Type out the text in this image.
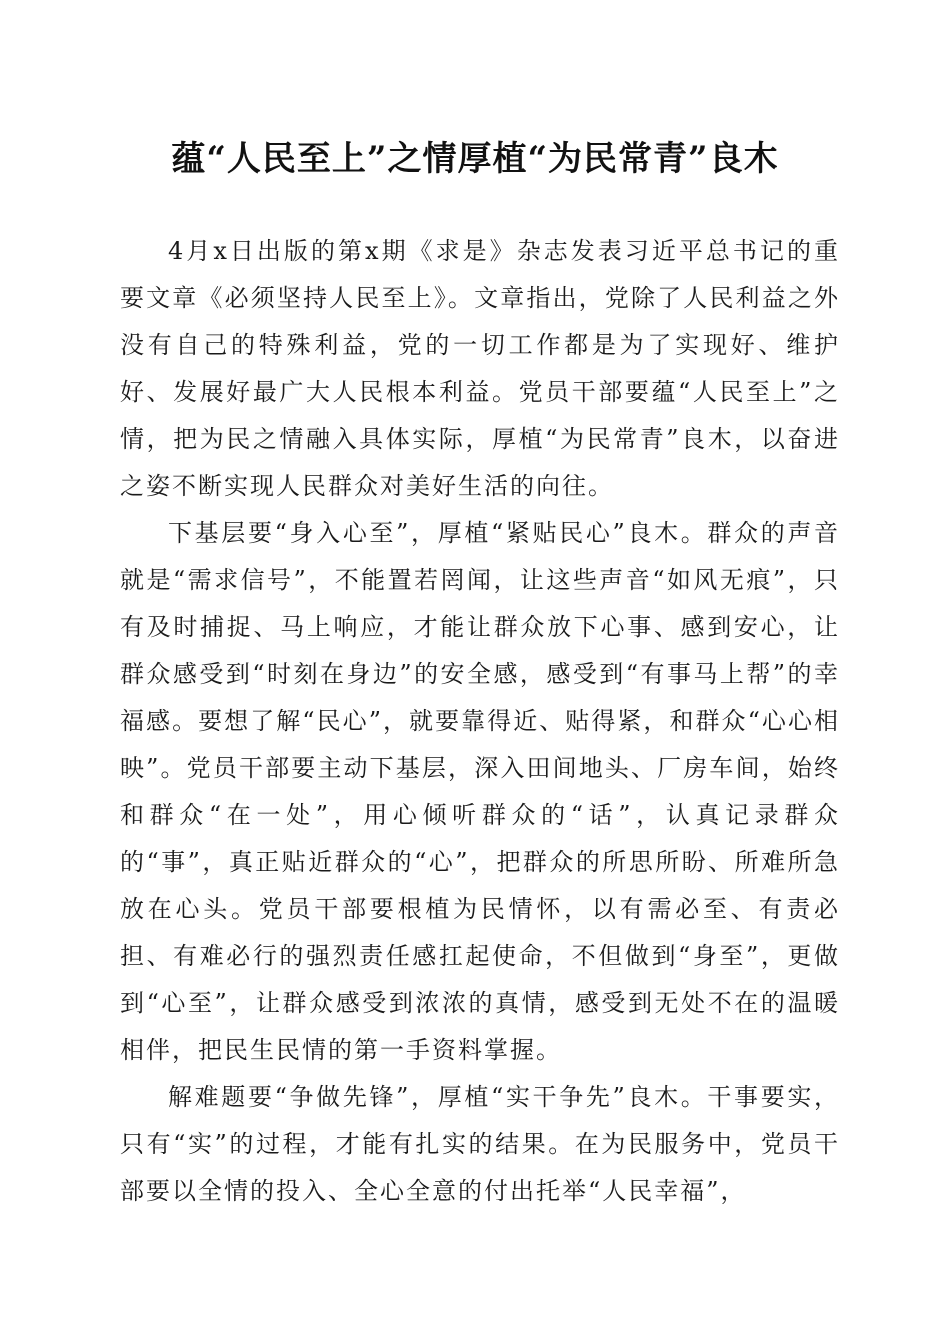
蕴“人民至上”之情厚植“为民常青”良木

4月x日出版的第x期《求是》杂志发表习近平总书记的重要文章《必须坚持人民至上》。文章指出，党除了人民利益之外没有自己的特殊利益，党的一切工作都是为了实现好、维护好、发展好最广大人民根本利益。党员干部要蕴“人民至上”之情，把为民之情融入具体实际，厚植“为民常青”良木，以奋进之姿不断实现人民群众对美好生活的向往。

下基层要“身入心至”，厚植“紧贴民心”良木。群众的声音就是“需求信号”，不能置若罔闻，让这些声音“如风无痕”，只有及时捕捉、马上响应，才能让群众放下心事、感到安心，让群众感受到“时刻在身边”的安全感，感受到“有事马上帮”的幸福感。要想了解“民心”，就要靠得近、贴得紧，和群众“心心相映”。党员干部要主动下基层，深入田间地头、厂房车间，始终和群众“在一处”，用心倾听群众的“话”，认真记录群众的“事”，真正贴近群众的“心”，把群众的所思所盼、所难所急放在心头。党员干部要根植为民情怀，以有需必至、有责必担、有难必行的强烈责任感扛起使命，不但做到“身至”，更做到“心至”，让群众感受到浓浓的真情，感受到无处不在的温暖相伴，把民生民情的第一手资料掌握。

解难题要“争做先锋”，厚植“实干争先”良木。干事要实，只有“实”的过程，才能有扎实的结果。在为民服务中，党员干部要以全情的投入、全心全意的付出托举“人民幸福”，
